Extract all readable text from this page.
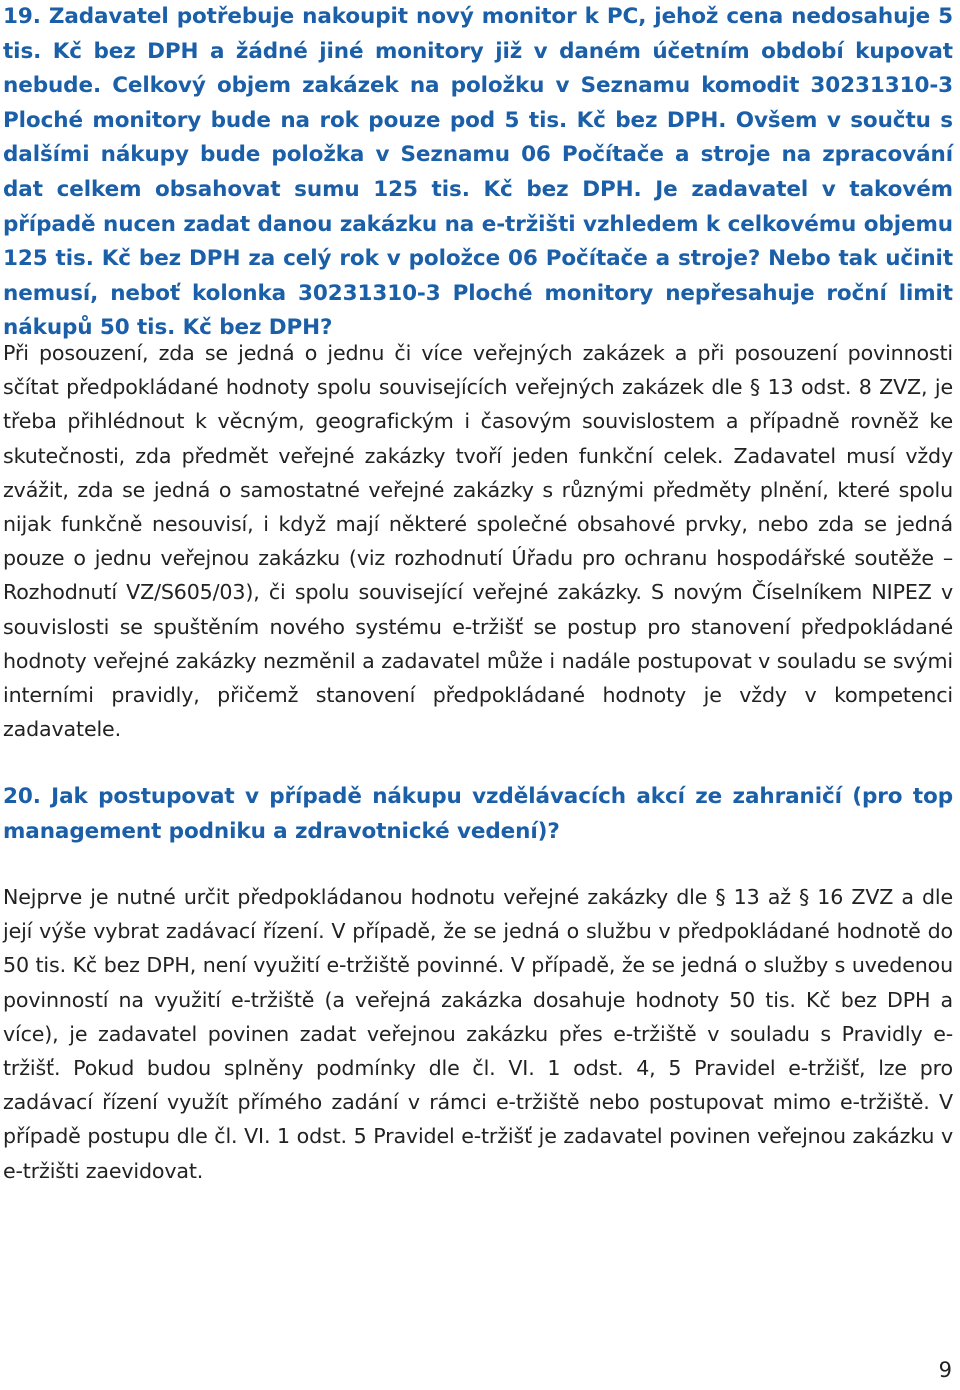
19. Zadavatel potřebuje nakoupit nový monitor k PC, jehož cena nedosahuje 5 tis. Kč bez DPH a žádné jiné monitory již v daném účetním období kupovat nebude. Celkový objem zakázek na položku v Seznamu komodit 30231310-3 Ploché monitory bude na rok pouze pod 5 tis. Kč bez DPH. Ovšem v součtu s dalšími nákupy bude položka v Seznamu 06 Počítače a stroje na zpracování dat celkem obsahovat sumu 125 tis. Kč bez DPH. Je zadavatel v takovém případě nucen zadat danou zakázku na e-tržišti vzhledem k celkovému objemu 125 tis. Kč bez DPH za celý rok v položce 06 Počítače a stroje? Nebo tak učinit nemusí, neboť kolonka 30231310-3 Ploché monitory nepřesahuje roční limit nákupů 50 tis. Kč bez DPH?

Při posouzení, zda se jedná o jednu či více veřejných zakázek a při posouzení povinnosti sčítat předpokládané hodnoty spolu souvisejících veřejných zakázek dle § 13 odst. 8 ZVZ, je třeba přihlédnout k věcným, geografickým i časovým souvislostem a případně rovněž ke skutečnosti, zda předmět veřejné zakázky tvoří jeden funkční celek. Zadavatel musí vždy zvážit, zda se jedná o samostatné veřejné zakázky s různými předměty plnění, které spolu nijak funkčně nesouvisí, i když mají některé společné obsahové prvky, nebo zda se jedná pouze o jednu veřejnou zakázku (viz rozhodnutí Úřadu pro ochranu hospodářské soutěže – Rozhodnutí VZ/S605/03), či spolu související veřejné zakázky. S novým Číselníkem NIPEZ v souvislosti se spuštěním nového systému e-tržišť se postup pro stanovení předpokládané hodnoty veřejné zakázky nezměnil a zadavatel může i nadále postupovat v souladu se svými interními pravidly, přičemž stanovení předpokládané hodnoty je vždy v kompetenci zadavatele.

20. Jak postupovat v případě nákupu vzdělávacích akcí ze zahraničí (pro top management podniku a zdravotnické vedení)?

Nejprve je nutné určit předpokládanou hodnotu veřejné zakázky dle § 13 až § 16 ZVZ a dle její výše vybrat zadávací řízení. V případě, že se jedná o službu v předpokládané hodnotě do 50 tis. Kč bez DPH, není využití e-tržiště povinné. V případě, že se jedná o služby s uvedenou povinností na využití e-tržiště (a veřejná zakázka dosahuje hodnoty 50 tis. Kč bez DPH a více), je zadavatel povinen zadat veřejnou zakázku přes e-tržiště v souladu s Pravidly e-tržišť. Pokud budou splněny podmínky dle čl. VI. 1 odst. 4, 5 Pravidel e-tržišť, lze pro zadávací řízení využít přímého zadání v rámci e-tržiště nebo postupovat mimo e-tržiště. V případě postupu dle čl. VI. 1 odst. 5 Pravidel e-tržišť je zadavatel povinen veřejnou zakázku v e-tržišti zaevidovat.

9
